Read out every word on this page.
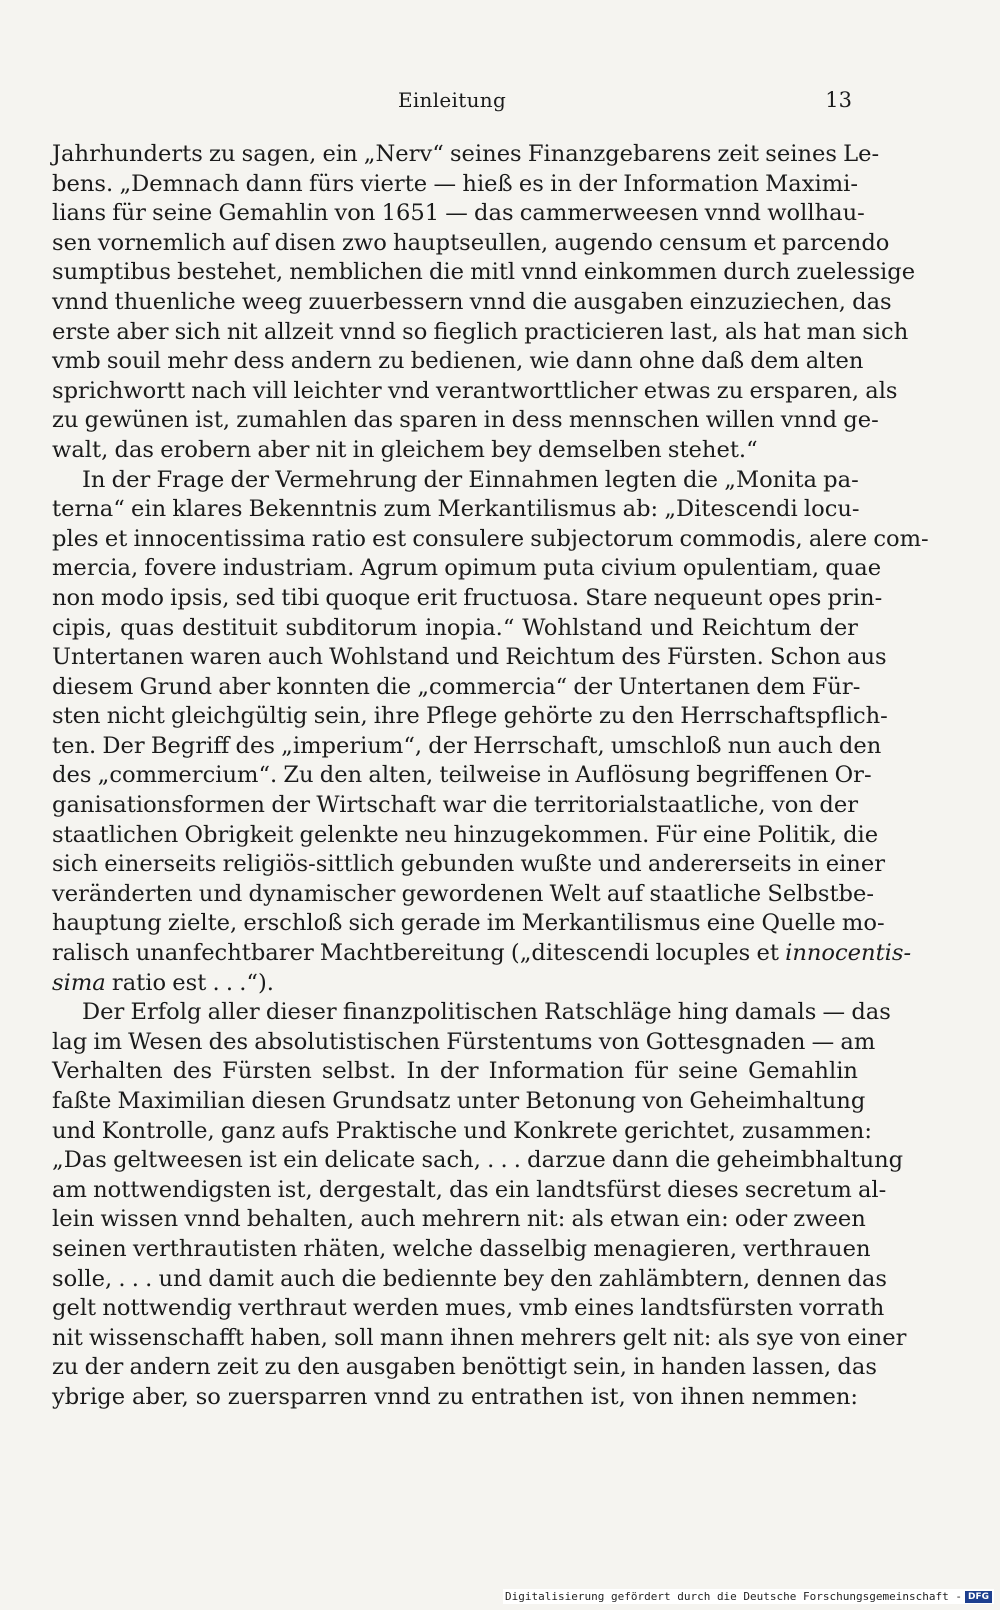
Einleitung	13
Jahrhunderts zu sagen, ein „Nerv“ seines Finanzgebarens zeit seines Le-
bens. „Demnach dann fürs vierte — hieß es in der Information Maximi-
lians für seine Gemahlin von 1651 — das cammerweesen vnnd wollhau-
sen vornemlich auf disen zwo hauptseullen, augendo censum et parcendo
sumptibus bestehet, nemblichen die mitl vnnd einkommen durch zuelessige
vnnd thuenliche weeg zuuerbessern vnnd die ausgaben einzuziechen, das
erste aber sich nit allzeit vnnd so fieglich practicieren last, als hat man sich
vmb souil mehr dess andern zu bedienen, wie dann ohne daß dem alten
sprichwortt nach vill leichter vnd verantworttlicher etwas zu ersparen, als
zu gewünen ist, zumahlen das sparen in dess mennschen willen vnnd ge-
walt, das erobern aber nit in gleichem bey demselben stehet.“
In der Frage der Vermehrung der Einnahmen legten die „Monita pa-
terna“ ein klares Bekenntnis zum Merkantilismus ab: „Ditescendi locu-
ples et innocentissima ratio est consulere subjectorum commodis, alere com-
mercia, fovere industriam. Agrum opimum puta civium opulentiam, quae
non modo ipsis, sed tibi quoque erit fructuosa. Stare nequeunt opes prin-
cipis, quas destituit subditorum inopia.“ Wohlstand und Reichtum der
Untertanen waren auch Wohlstand und Reichtum des Fürsten. Schon aus
diesem Grund aber konnten die „commercia“ der Untertanen dem Für-
sten nicht gleichgültig sein, ihre Pflege gehörte zu den Herrschaftspflich-
ten. Der Begriff des „imperium“, der Herrschaft, umschloß nun auch den
des „commercium“. Zu den alten, teilweise in Auflösung begriffenen Or-
ganisationsformen der Wirtschaft war die territorialstaatliche, von der
staatlichen Obrigkeit gelenkte neu hinzugekommen. Für eine Politik, die
sich einerseits religiös-sittlich gebunden wußte und andererseits in einer
veränderten und dynamischer gewordenen Welt auf staatliche Selbstbe-
hauptung zielte, erschloß sich gerade im Merkantilismus eine Quelle mo-
ralisch unanfechtbarer Machtbereitung („ditescendi locuples et innocentis-
sima ratio est . . .“).
Der Erfolg aller dieser finanzpolitischen Ratschläge hing damals — das
lag im Wesen des absolutistischen Fürstentums von Gottesgnaden — am
Verhalten des Fürsten selbst. In der Information für seine Gemahlin
faßte Maximilian diesen Grundsatz unter Betonung von Geheimhaltung
und Kontrolle, ganz aufs Praktische und Konkrete gerichtet, zusammen:
„Das geltweesen ist ein delicate sach, . . . darzue dann die geheimbhaltung
am nottwendigsten ist, dergestalt, das ein landtsfürst dieses secretum al-
lein wissen vnnd behalten, auch mehrern nit: als etwan ein: oder zween
seinen verthrautisten rhäten, welche dasselbig menagieren, verthrauen
solle, . . . und damit auch die bediennte bey den zahlämbtern, dennen das
gelt nottwendig verthraut werden mues, vmb eines landtsfürsten vorrath
nit wissenschafft haben, soll mann ihnen mehrers gelt nit: als sye von einer
zu der andern zeit zu den ausgaben benöttigt sein, in handen lassen, das
ybrige aber, so zuersparren vnnd zu entrathen ist, von ihnen nemmen:
Digitalisierung gefördert durch die Deutsche Forschungsgemeinschaft - DFG
